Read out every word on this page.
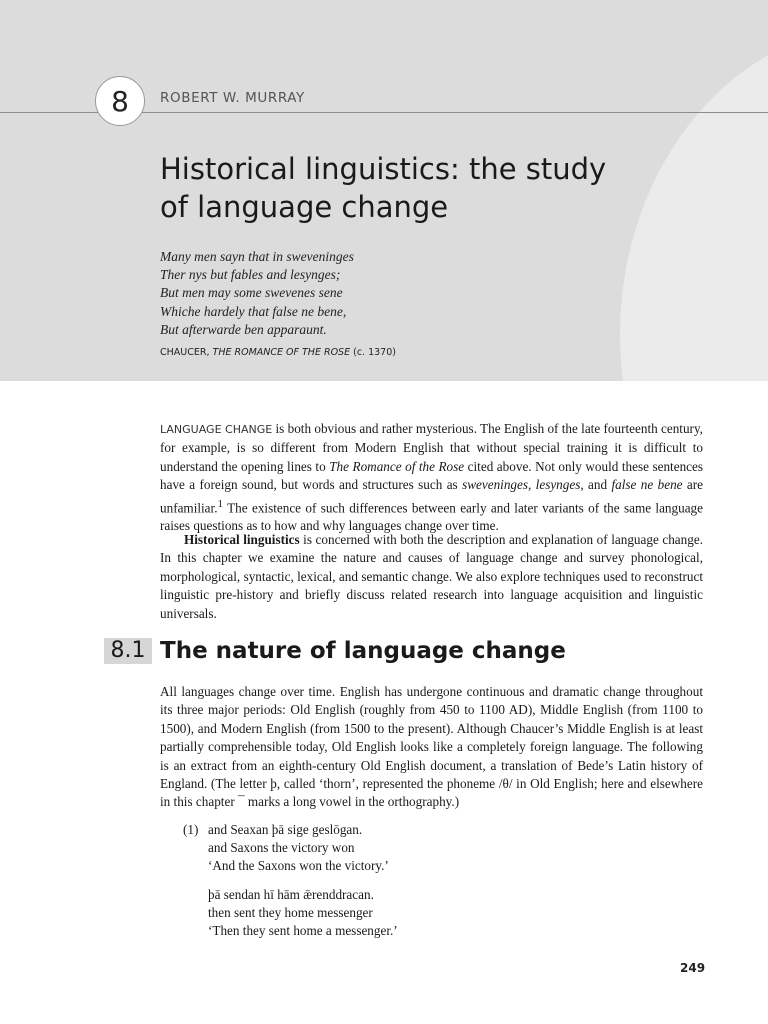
8	ROBERT W. MURRAY
Historical linguistics: the study
of language change
Many men sayn that in sweveninges
Ther nys but fables and lesynges;
But men may some swevenes sene
Whiche hardely that false ne bene,
But afterwarde ben apparaunt.
CHAUCER, THE ROMANCE OF THE ROSE (c. 1370)

LANGUAGE CHANGE is both obvious and rather mysterious. The English of the late fourteenth century, for example, is so different from Modern English that without special training it is difficult to understand the opening lines to The Romance of the Rose cited above. Not only would these sentences have a foreign sound, but words and structures such as sweveninges, lesynges, and false ne bene are unfamiliar.$^1$ The existence of such differences between early and later variants of the same language raises questions as to how and why languages change over time.

Historical linguistics is concerned with both the description and explanation of language change. In this chapter we examine the nature and causes of language change and survey phonological, morphological, syntactic, lexical, and semantic change. We also explore techniques used to reconstruct linguistic pre-history and briefly discuss related research into language acquisition and linguistic universals.

8.1 The nature of language change

All languages change over time. English has undergone continuous and dramatic change throughout its three major periods: Old English (roughly from 450 to 1100 AD), Middle English (from 1100 to 1500), and Modern English (from 1500 to the present). Although Chaucer’s Middle English is at least partially comprehensible today, Old English looks like a completely foreign language. The following is an extract from an eighth-century Old English document, a translation of Bede’s Latin history of England. (The letter þ, called ‘thorn’, represented the phoneme /θ/ in Old English; here and elsewhere in this chapter ¯ marks a long vowel in the orthography.)

(1) and Seaxan þā sige geslōgan.
and Saxons the victory won
‘And the Saxons won the victory.’
þā sendan hī hām ǣrenddracan.
then sent they home messenger
‘Then they sent home a messenger.’
249
